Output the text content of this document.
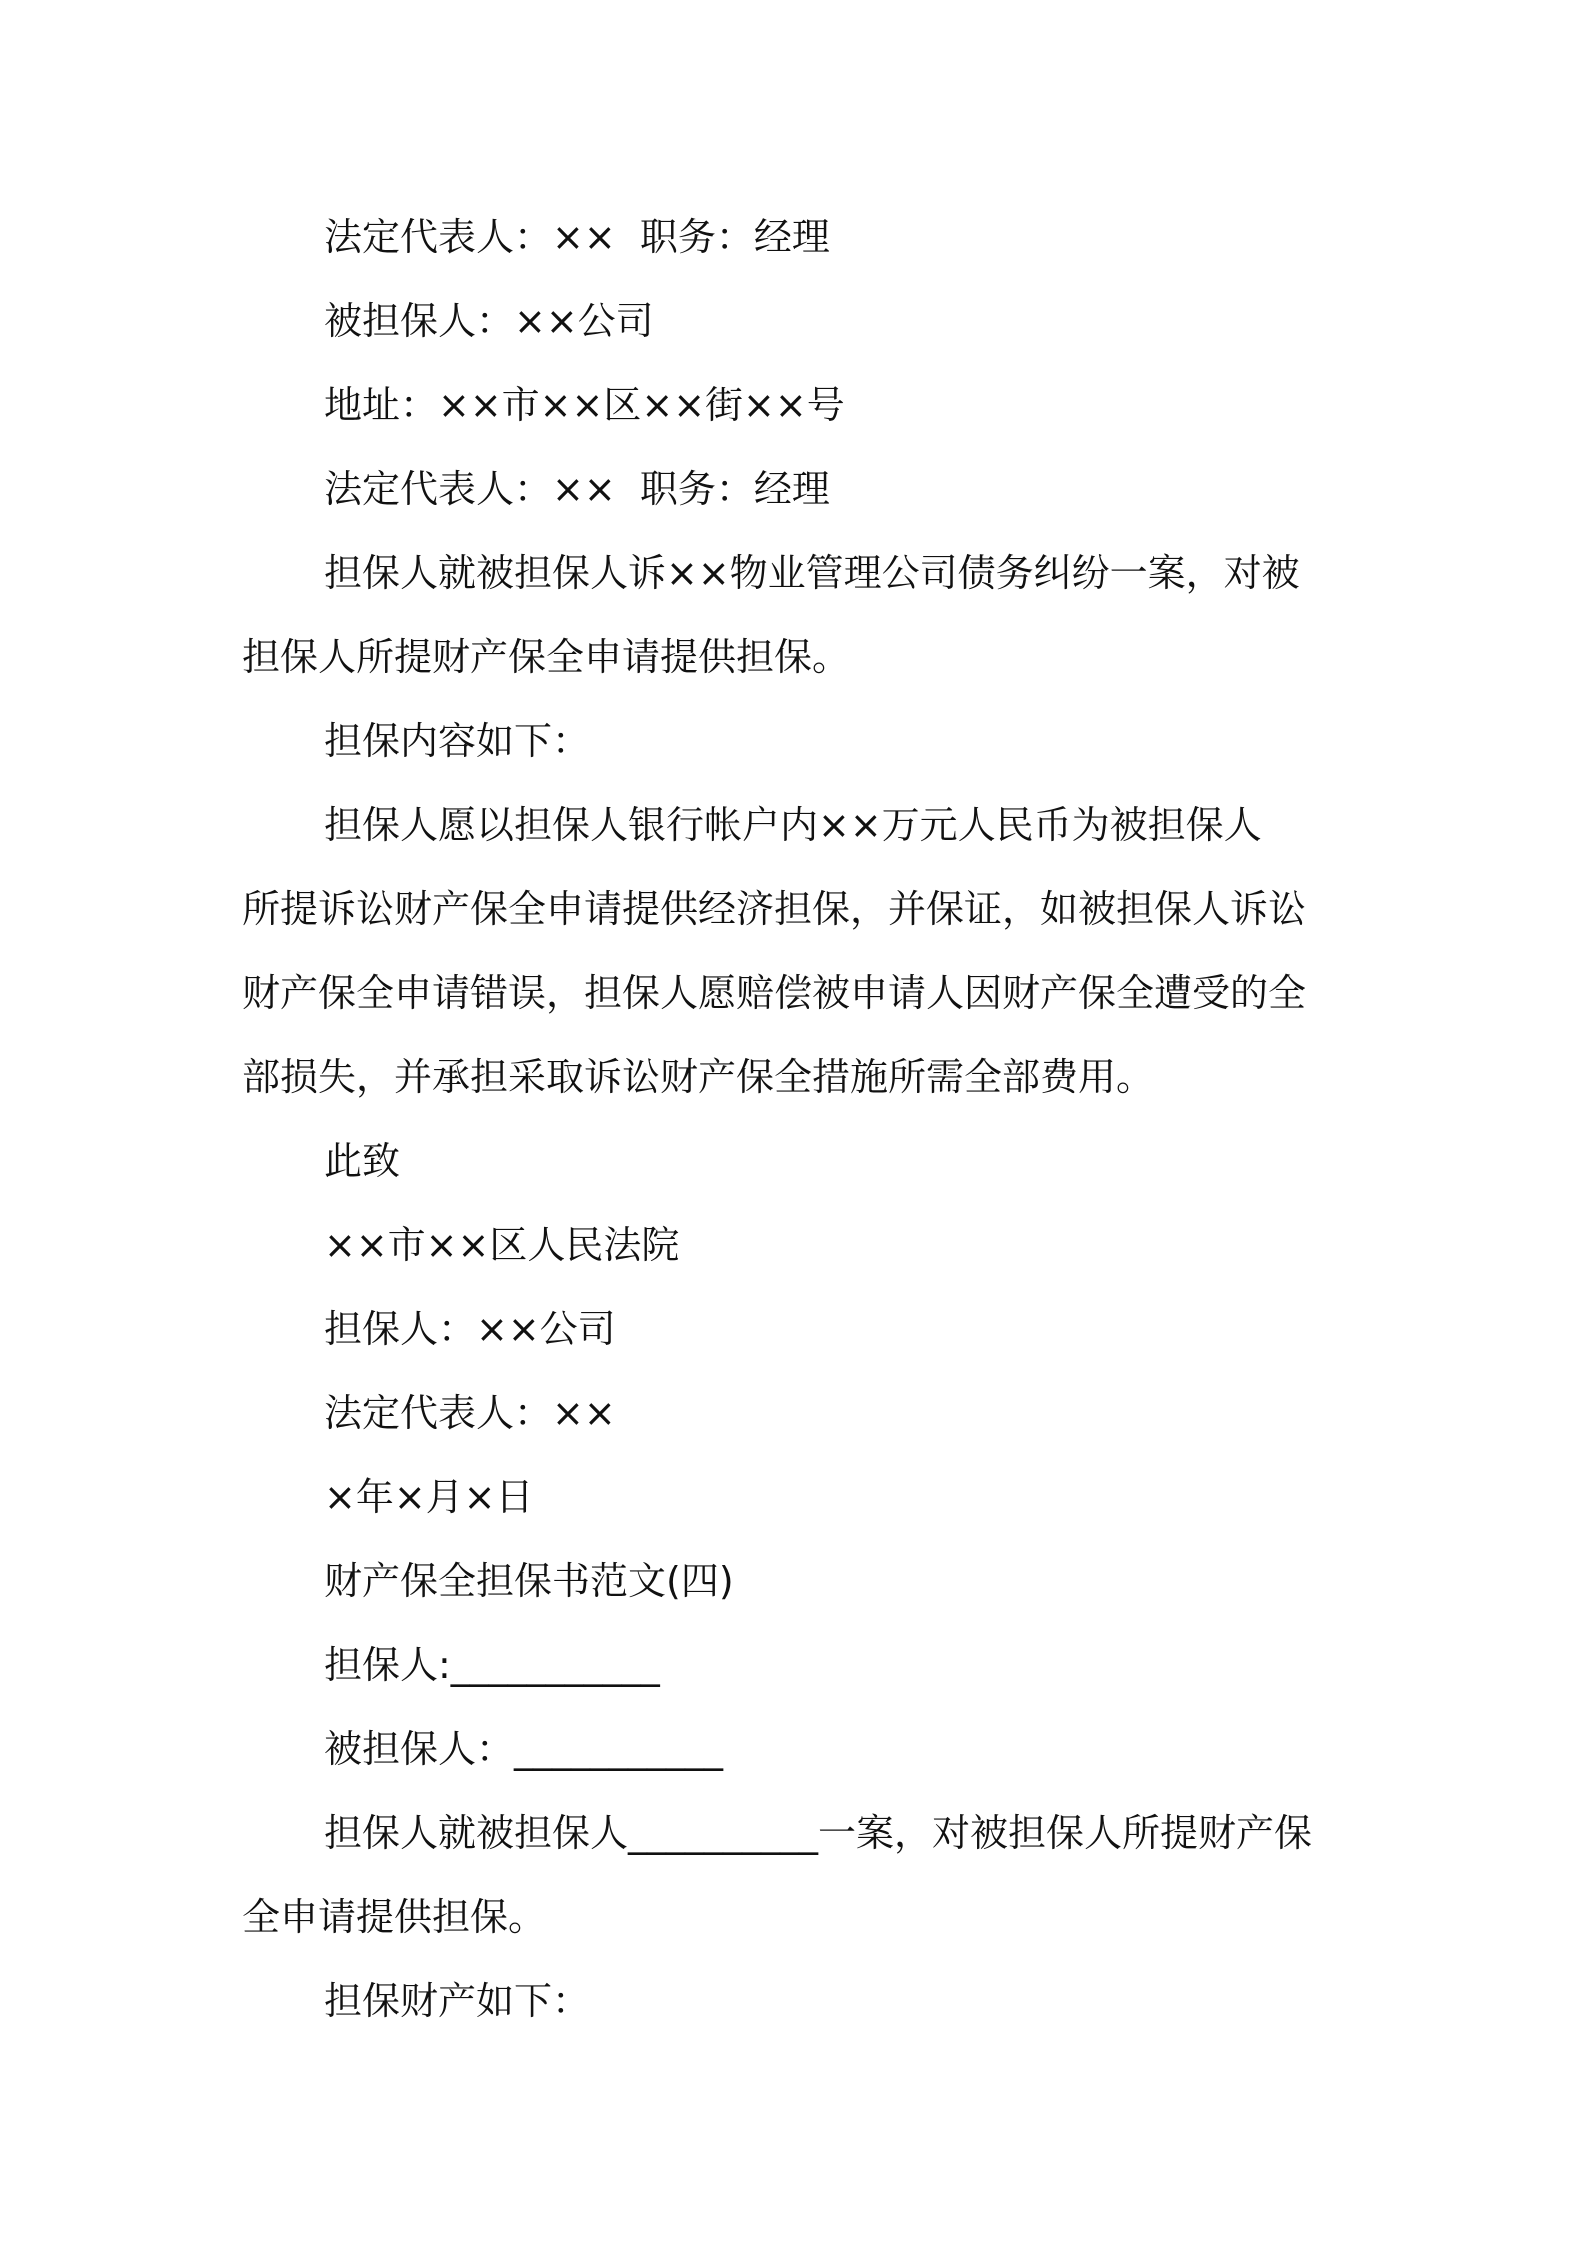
法定代表人：××  职务：经理

被担保人：××公司

地址：××市××区××街××号

法定代表人：××  职务：经理

担保人就被担保人诉××物业管理公司债务纠纷一案，对被

担保人所提财产保全申请提供担保。

担保内容如下：

担保人愿以担保人银行帐户内××万元人民币为被担保人

所提诉讼财产保全申请提供经济担保，并保证，如被担保人诉讼

财产保全申请错误，担保人愿赔偿被申请人因财产保全遭受的全

部损失，并承担采取诉讼财产保全措施所需全部费用。

此致

××市××区人民法院

担保人：××公司

法定代表人：××

×年×月×日

财产保全担保书范文(四)

担保人:___________

被担保人：___________

担保人就被担保人__________一案，对被担保人所提财产保

全申请提供担保。

担保财产如下：
